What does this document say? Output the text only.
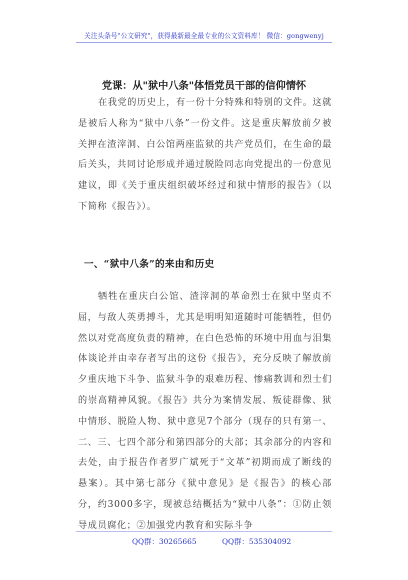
关注头条号"公文研究"，获得最新最全最专业的公文资料库！ 微信：gongwenyj
党课：从"狱中八条"体悟党员干部的信仰情怀

在我党的历史上，有一份十分特殊和特别的文件。这就是被后人称为“狱中八条”一份文件。这是重庆解放前夕被关押在渣滓洞、白公馆两座监狱的共产党员们，在生命的最后关头，共同讨论形成并通过脱险同志向党提出的一份意见建议，即《关于重庆组织破坏经过和狱中情形的报告》（以下简称《报告》）。

一、“狱中八条”的来由和历史

牺牲在重庆白公馆、渣滓洞的革命烈士在狱中坚贞不屈，与敌人英勇搏斗，尤其是明明知道随时可能牺牲，但仍然以对党高度负责的精神，在白色恐怖的环境中用血与泪集体谈论并由幸存者写出的这份《报告》，充分反映了解放前夕重庆地下斗争、监狱斗争的艰难历程、惨痛教训和烈士们的崇高精神风貌。《报告》共分为案情发展、叛徒群像、狱中情形、脱险人物、狱中意见7个部分（现存的只有第一、二、三、七四个部分和第四部分的大部；其余部分的内容和去处，由于报告作者罗广斌死于“文革”初期而成了断线的悬案）。其中第七部分《狱中意见》是《报告》的核心部分，约3000多字，现被总结概括为“狱中八条”：①防止领导成员腐化；②加强党内教育和实际斗争

QQ群：30265665	QQ群：535304092
